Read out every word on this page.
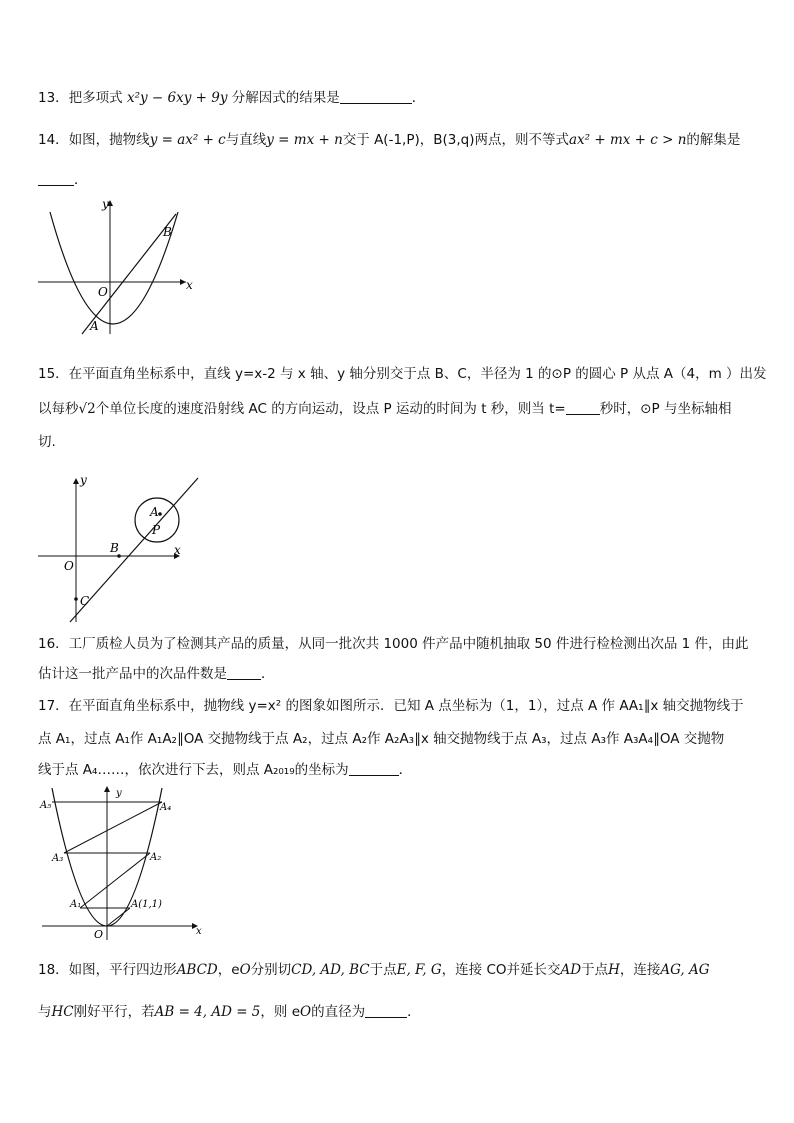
13．把多项式 x²y − 6xy + 9y 分解因式的结果是	．
14．如图，抛物线y = ax² + c与直线y = mx + n交于 A(-1,P)，B(3,q)两点，则不等式ax² + mx + c > n的解集是
．
y
x
O
A
B
15．在平面直角坐标系中，直线 y=x-2 与 x 轴、y 轴分别交于点 B、C，半径为 1 的⊙P 的圆心 P 从点 A（4，m ）出发
以每秒√2个单位长度的速度沿射线 AC 的方向运动，设点 P 运动的时间为 t 秒，则当 t=	秒时，⊙P 与坐标轴相
切.
y
x
O
B
C
A
P
16．工厂质检人员为了检测其产品的质量，从同一批次共 1000 件产品中随机抽取 50 件进行检检测出次品 1 件，由此
估计这一批产品中的次品件数是	．
17．在平面直角坐标系中，抛物线 y=x² 的图象如图所示．已知 A 点坐标为（1，1），过点 A 作 AA₁∥x 轴交抛物线于
点 A₁，过点 A₁作 A₁A₂∥OA 交抛物线于点 A₂，过点 A₂作 A₂A₃∥x 轴交抛物线于点 A₃，过点 A₃作 A₃A₄∥OA 交抛物
线于点 A₄……，依次进行下去，则点 A₂₀₁₉的坐标为	．
y
x
O
A(1,1)
A₁
A₂
A₃
A₄
A₅
18．如图，平行四边形ABCD，eO分别切CD, AD, BC于点E, F, G，连接 CO并延长交AD于点H，连接AG, AG
与HC刚好平行，若AB = 4, AD = 5，则 eO的直径为	．
